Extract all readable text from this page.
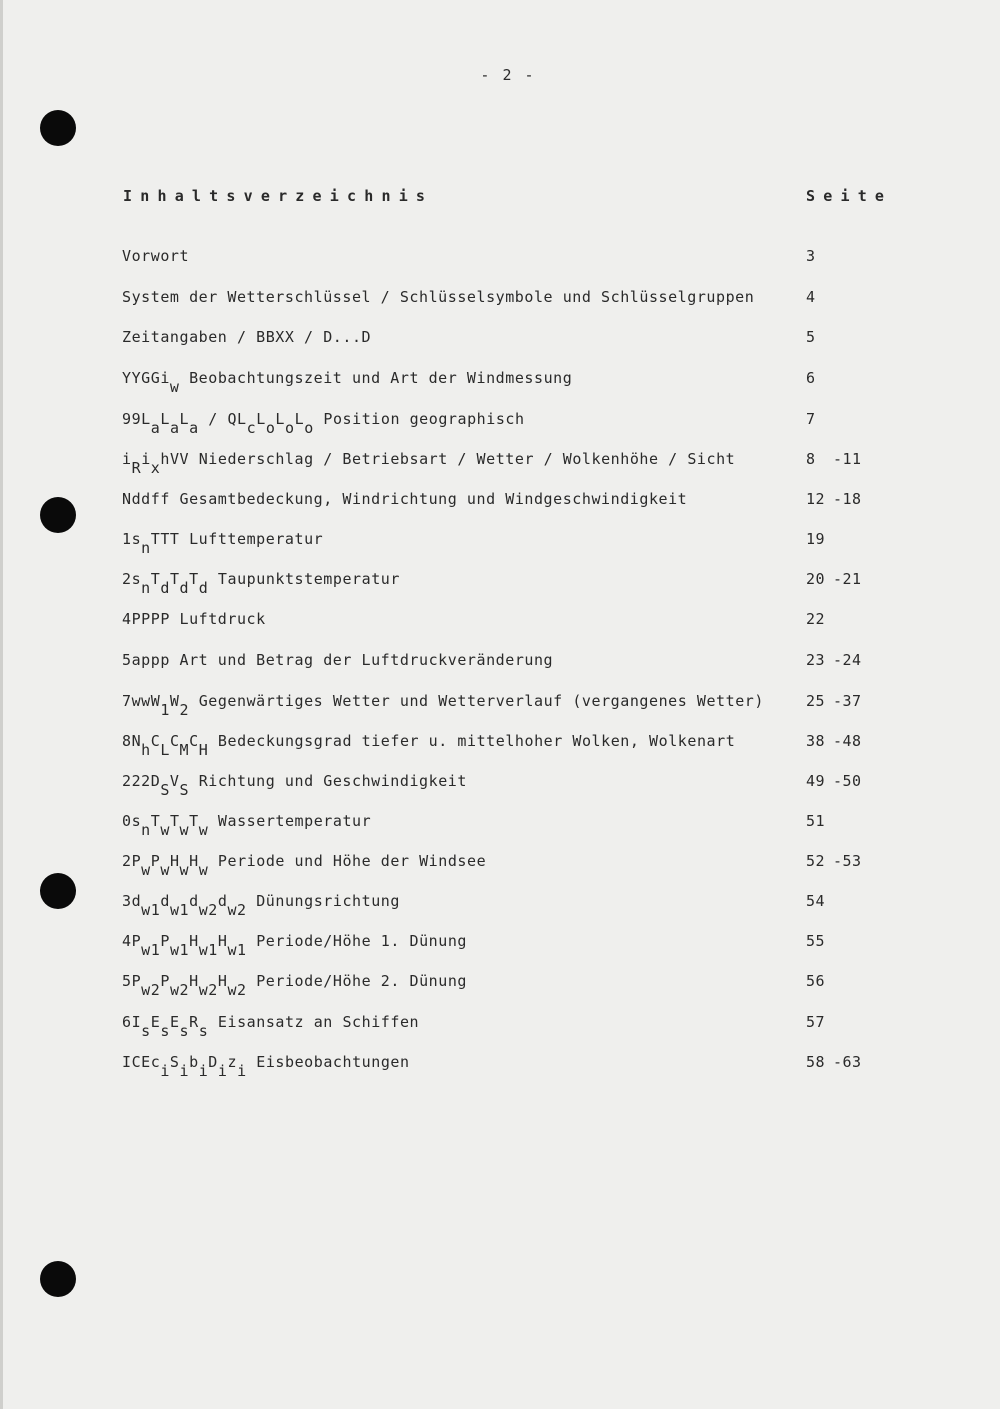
- 2 -
Inhaltsverzeichnis	Seite
Vorwort	3
System der Wetterschlüssel / Schlüsselsymbole und Schlüsselgruppen	4
Zeitangaben / BBXX / D...D	5
YYGGi$_w$ Beobachtungszeit und Art der Windmessung	6
$99L_aL_aL_a / QL_cL_oL_oL_o$ Position geographisch	7
$i_Ri_xhVV$ Niederschlag / Betriebsart / Wetter / Wolkenhöhe / Sicht	8 -11
Nddff Gesamtbedeckung, Windrichtung und Windgeschwindigkeit	12 -18
$1s_nTTT$ Lufttemperatur	19
$2s_nT_dT_dT_d$ Taupunktstemperatur	20 -21
4PPPP Luftdruck	22
5appp Art und Betrag der Luftdruckveränderung	23 -24
$7wwW_1W_2$ Gegenwärtiges Wetter und Wetterverlauf (vergangenes Wetter)	25 -37
$8N_hC_LC_MC_H$ Bedeckungsgrad tiefer u. mittelhoher Wolken, Wolkenart	38 -48
$222D_SV_S$ Richtung und Geschwindigkeit	49 -50
$0s_nT_wT_wT_w$ Wassertemperatur	51
$2P_wP_wH_wH_w$ Periode und Höhe der Windsee	52 -53
$3d_{w1}d_{w1}d_{w2}d_{w2}$ Dünungsrichtung	54
$4P_{w1}P_{w1}H_{w1}H_{w1}$ Periode/Höhe 1. Dünung	55
$5P_{w2}P_{w2}H_{w2}H_{w2}$ Periode/Höhe 2. Dünung	56
$6I_sE_sE_sR_s$ Eisansatz an Schiffen	57
$ICEc_iS_ib_iD_iz_i$ Eisbeobachtungen	58 -63
